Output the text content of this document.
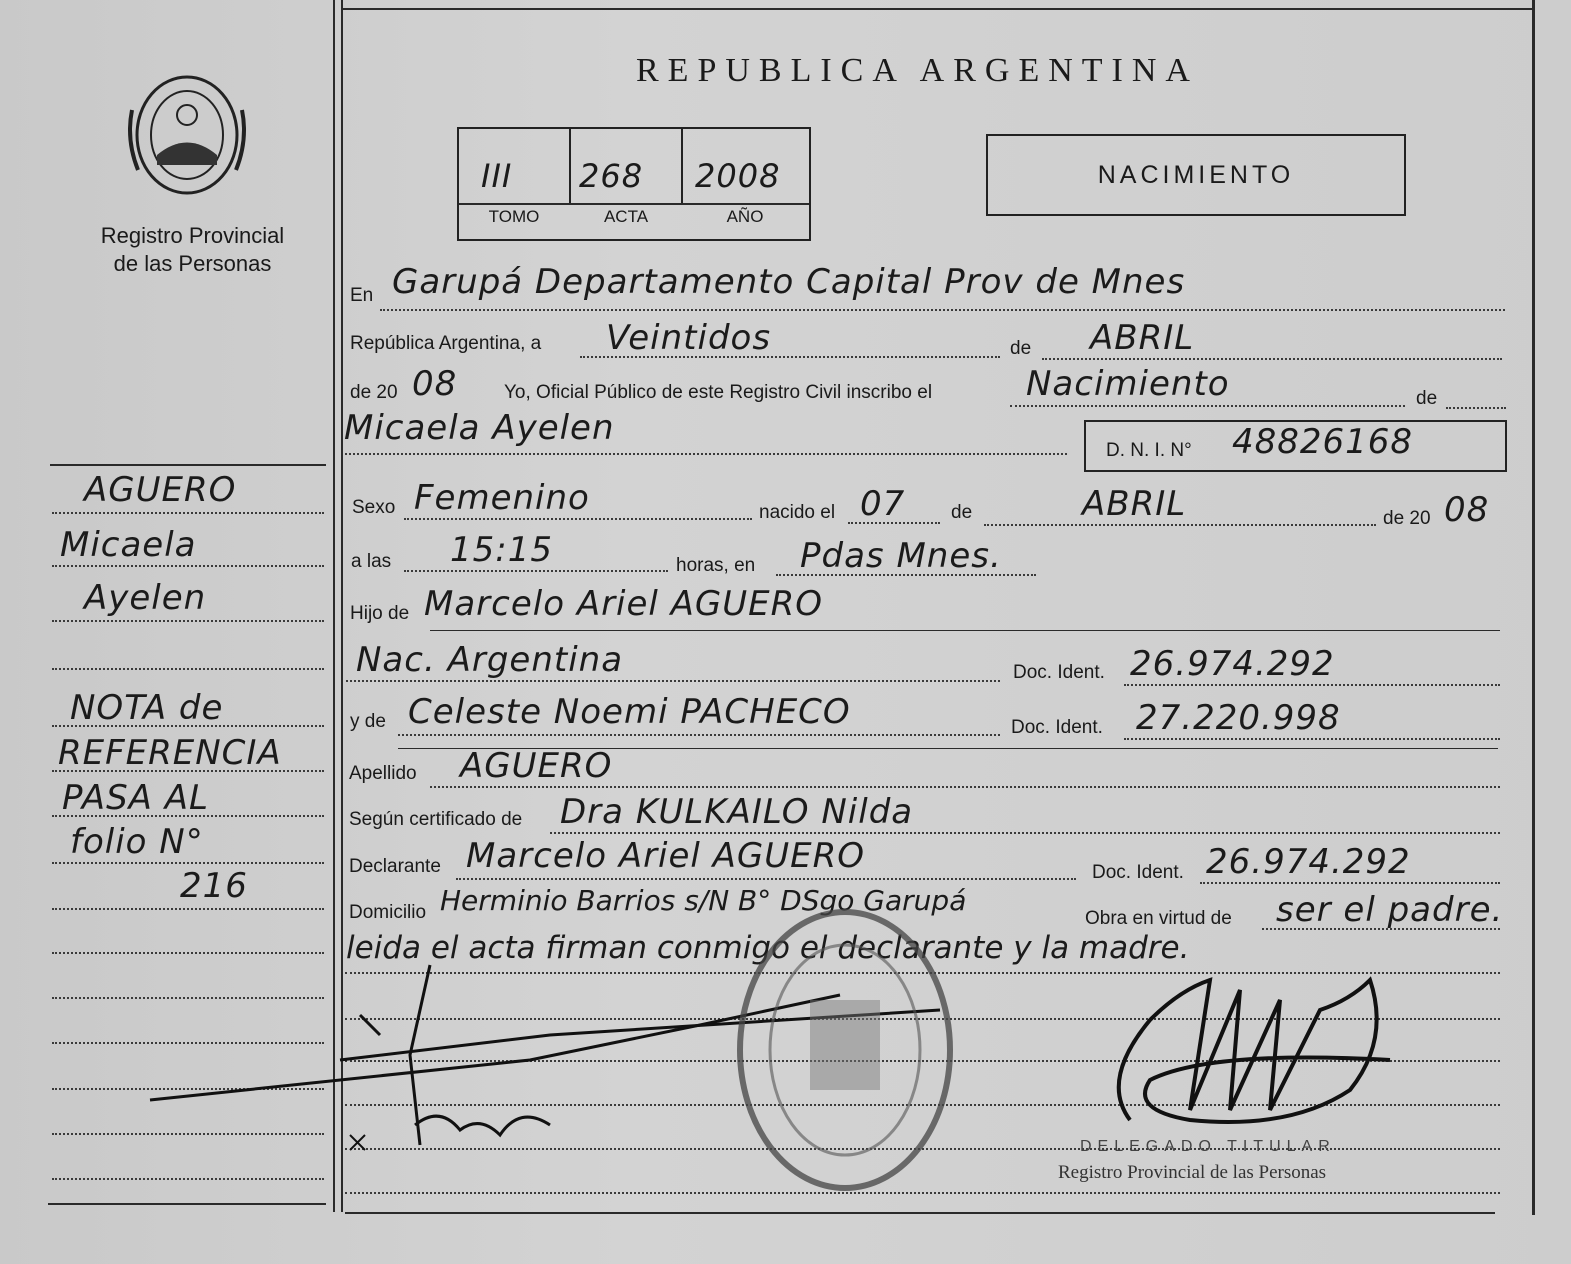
Registro Provincial
de las Personas
REPUBLICA ARGENTINA
III 268 2008
TOMO	ACTA	AÑO
NACIMIENTO
AGUERO
Micaela
Ayelen
NOTA de
REFERENCIA
PASA AL
folio N°
216
En Garupá Departamento Capital Prov de Mnes
República Argentina, a Veintidos	de ABRIL
de 20 08 Yo, Oficial Público de este Registro Civil inscribo el	Nacimiento	de
Micaela Ayelen
D. N. I. N° 48826168
Sexo Femenino	nacido el 07 de	ABRIL	de 20 08
a las 15:15	horas, en Pdas Mnes.
Hijo de Marcelo Ariel AGUERO
Nac. Argentina	Doc. Ident. 26.974.292
y de Celeste Noemi PACHECO	Doc. Ident. 27.220.998
Apellido AGUERO
Según certificado de Dra KULKAILO Nilda
Declarante Marcelo Ariel AGUERO	Doc. Ident. 26.974.292
Domicilio Herminio Barrios s/N B° DSgo Garupá
Obra en virtud de ser el padre.
leida el acta firman conmigo el declarante y la madre.
DELEGADO TITULAR
Registro Provincial de las Personas
